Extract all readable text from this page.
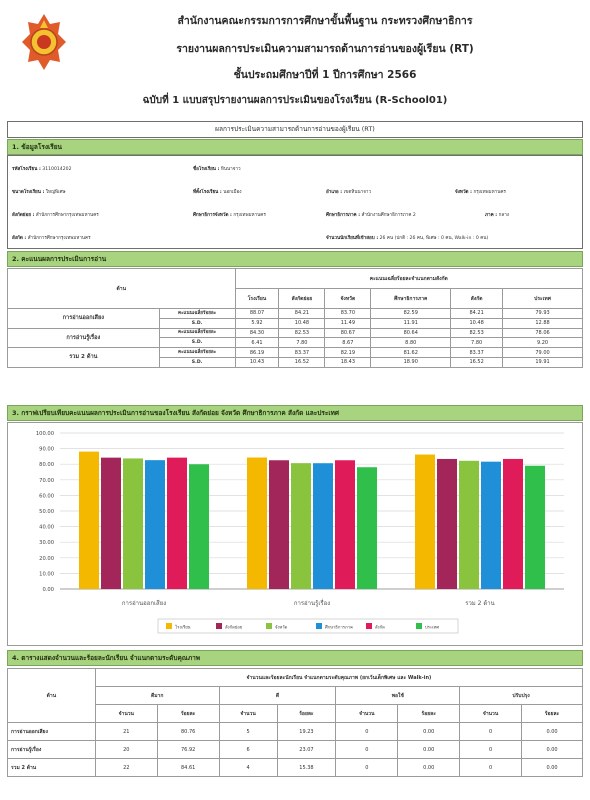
สำนักงานคณะกรรมการการศึกษาขั้นพื้นฐาน กระทรวงศึกษาธิการ
รายงานผลการประเมินความสามารถด้านการอ่านของผู้เรียน (RT)
ชั้นประถมศึกษาปีที่ 1 ปีการศึกษา 2566
ฉบับที่ 1 แบบสรุปรายงานผลการประเมินของโรงเรียน (R-School01)
ผลการประเมินความสามารถด้านการอ่านของผู้เรียน (RT)
1. ข้อมูลโรงเรียน
รหัสโรงเรียน : 3110014202	ชื่อโรงเรียน : หินนาจาว
ขนาดโรงเรียน : ใหญ่พิเศษ	ที่ตั้งโรงเรียน : นอกเมือง	อำเภอ : เขตหินนาจาว	จังหวัด : กรุงเทพมหานคร
สังกัดย่อย : สำนักการศึกษากรุงเทพมหานคร	ศึกษาธิการจังหวัด : กรุงเทพมหานคร	ศึกษาธิการภาค : สำนักงานศึกษาธิการภาค 2	ภาค : กลาง
สังกัด : สำนักการศึกษากรุงเทพมหานคร	จำนวนนักเรียนที่เข้าสอบ : 26 คน (ปกติ : 26 คน, พิเศษ : 0 คน, Walk-in : 0 คน)
2. คะแนนผลการประเมินการอ่าน
ด้าน		คะแนนเฉลี่ยร้อยละจำแนกตามสังกัด					
		โรงเรียน	สังกัดย่อย	จังหวัด	ศึกษาธิการภาค	สังกัด	ประเทศ
การอ่านออกเสียง	คะแนนเฉลี่ยร้อยละ	88.07	84.21	83.70	82.59	84.21	79.93
	S.D.	5.92	10.48	11.49	11.91	10.48	12.88
การอ่านรู้เรื่อง	คะแนนเฉลี่ยร้อยละ	84.30	82.53	80.67	80.64	82.53	78.06
	S.D.	6.41	7.80	8.67	8.80	7.80	9.20
รวม 2 ด้าน	คะแนนเฉลี่ยร้อยละ	86.19	83.37	82.19	81.62	83.37	79.00
	S.D.	10.43	16.52	18.43	18.90	16.52	19.91
3. กราฟเปรียบเทียบคะแนนผลการประเมินการอ่านของโรงเรียน สังกัดย่อย จังหวัด ศึกษาธิการภาค สังกัด และประเทศ
100.00
90.00
80.00
70.00
60.00
50.00
40.00
30.00
20.00
10.00
0.00
การอ่านออกเสียง	การอ่านรู้เรื่อง	รวม 2 ด้าน
โรงเรียน	สังกัดย่อย	จังหวัด	ศึกษาธิการภาค	สังกัด	ประเทศ
4. ตารางแสดงจำนวนและร้อยละนักเรียน จำแนกตามระดับคุณภาพ
ด้าน	จำนวนและร้อยละนักเรียน จำแนกตามระดับคุณภาพ (ยกเว้นเด็กพิเศษ และ Walk-in)							
	ดีมาก		ดี		พอใช้		ปรับปรุง	
	จำนวน	ร้อยละ	จำนวน	ร้อยละ	จำนวน	ร้อยละ	จำนวน	ร้อยละ
การอ่านออกเสียง	21	80.76	5	19.23	0	0.00	0	0.00
การอ่านรู้เรื่อง	20	76.92	6	23.07	0	0.00	0	0.00
รวม 2 ด้าน	22	84.61	4	15.38	0	0.00	0	0.00
